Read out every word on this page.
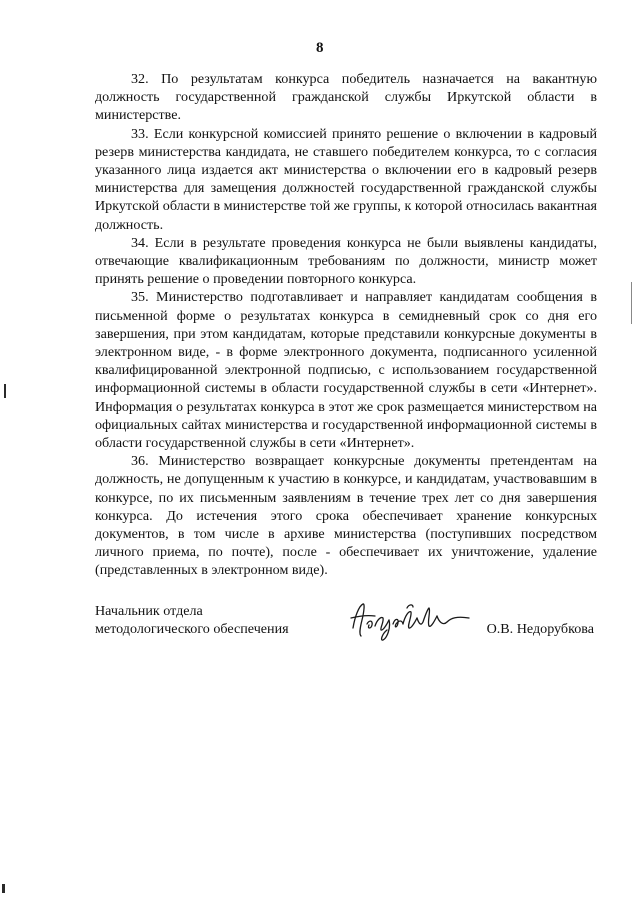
8

32. По результатам конкурса победитель назначается на вакантную должность государственной гражданской службы Иркутской области в министерстве.

33. Если конкурсной комиссией принято решение о включении в кадровый резерв министерства кандидата, не ставшего победителем конкурса, то с согласия указанного лица издается акт министерства о включении его в кадровый резерв министерства для замещения должностей государственной гражданской службы Иркутской области в министерстве той же группы, к которой относилась вакантная должность.

34. Если в результате проведения конкурса не были выявлены кандидаты, отвечающие квалификационным требованиям по должности, министр может принять решение о проведении повторного конкурса.

35. Министерство подготавливает и направляет кандидатам сообщения в письменной форме о результатах конкурса в семидневный срок со дня его завершения, при этом кандидатам, которые представили конкурсные документы в электронном виде, - в форме электронного документа, подписанного усиленной квалифицированной электронной подписью, с использованием государственной информационной системы в области государственной службы в сети «Интернет». Информация о результатах конкурса в этот же срок размещается министерством на официальных сайтах министерства и государственной информационной системы в области государственной службы в сети «Интернет».

36. Министерство возвращает конкурсные документы претендентам на должность, не допущенным к участию в конкурсе, и кандидатам, участвовавшим в конкурсе, по их письменным заявлениям в течение трех лет со дня завершения конкурса. До истечения этого срока обеспечивает хранение конкурсных документов, в том числе в архиве министерства (поступивших посредством личного приема, по почте), после - обеспечивает их уничтожение, удаление (представленных в электронном виде).

Начальник отдела
методологического обеспечения	О.В. Недорубкова
